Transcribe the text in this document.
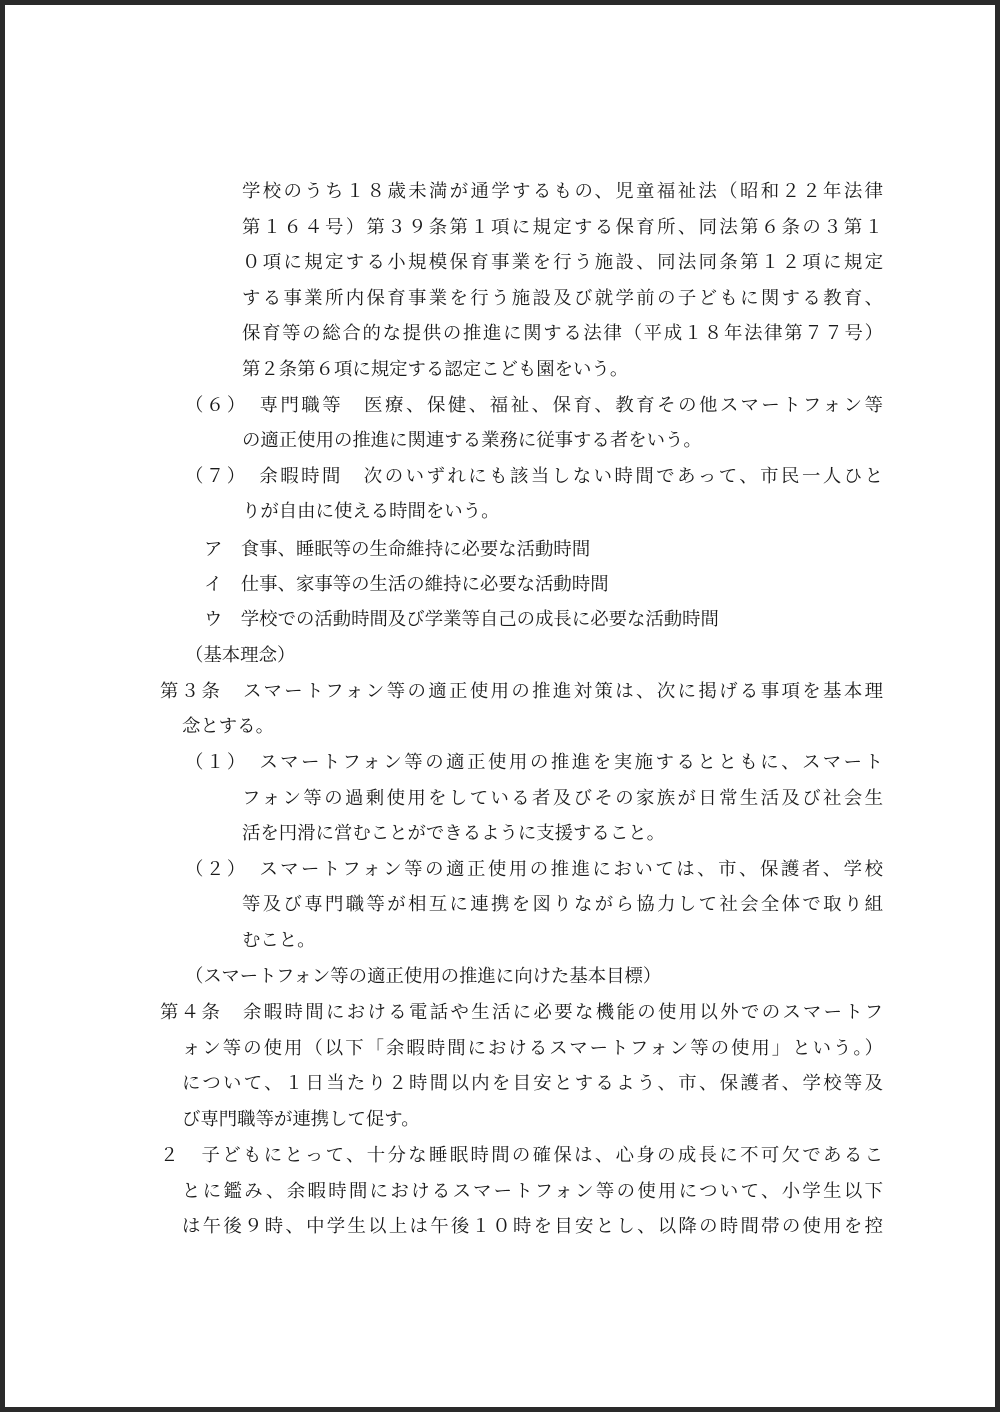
学校のうち１８歳未満が通学するもの、児童福祉法（昭和２２年法律
第１６４号）第３９条第１項に規定する保育所、同法第６条の３第１
０項に規定する小規模保育事業を行う施設、同法同条第１２項に規定
する事業所内保育事業を行う施設及び就学前の子どもに関する教育、
保育等の総合的な提供の推進に関する法律（平成１８年法律第７７号）
第２条第６項に規定する認定こども園をいう。
（６）　専門職等　医療、保健、福祉、保育、教育その他スマートフォン等
の適正使用の推進に関連する業務に従事する者をいう。
（７）　余暇時間　次のいずれにも該当しない時間であって、市民一人ひと
りが自由に使える時間をいう。
ア　食事、睡眠等の生命維持に必要な活動時間
イ　仕事、家事等の生活の維持に必要な活動時間
ウ　学校での活動時間及び学業等自己の成長に必要な活動時間
（基本理念）
第３条　スマートフォン等の適正使用の推進対策は、次に掲げる事項を基本理
念とする。
（１）　スマートフォン等の適正使用の推進を実施するとともに、スマート
フォン等の過剰使用をしている者及びその家族が日常生活及び社会生
活を円滑に営むことができるように支援すること。
（２）　スマートフォン等の適正使用の推進においては、市、保護者、学校
等及び専門職等が相互に連携を図りながら協力して社会全体で取り組
むこと。
（スマートフォン等の適正使用の推進に向けた基本目標）
第４条　余暇時間における電話や生活に必要な機能の使用以外でのスマートフ
ォン等の使用（以下「余暇時間におけるスマートフォン等の使用」という。）
について、１日当たり２時間以内を目安とするよう、市、保護者、学校等及
び専門職等が連携して促す。
２　子どもにとって、十分な睡眠時間の確保は、心身の成長に不可欠であるこ
とに鑑み、余暇時間におけるスマートフォン等の使用について、小学生以下
は午後９時、中学生以上は午後１０時を目安とし、以降の時間帯の使用を控
